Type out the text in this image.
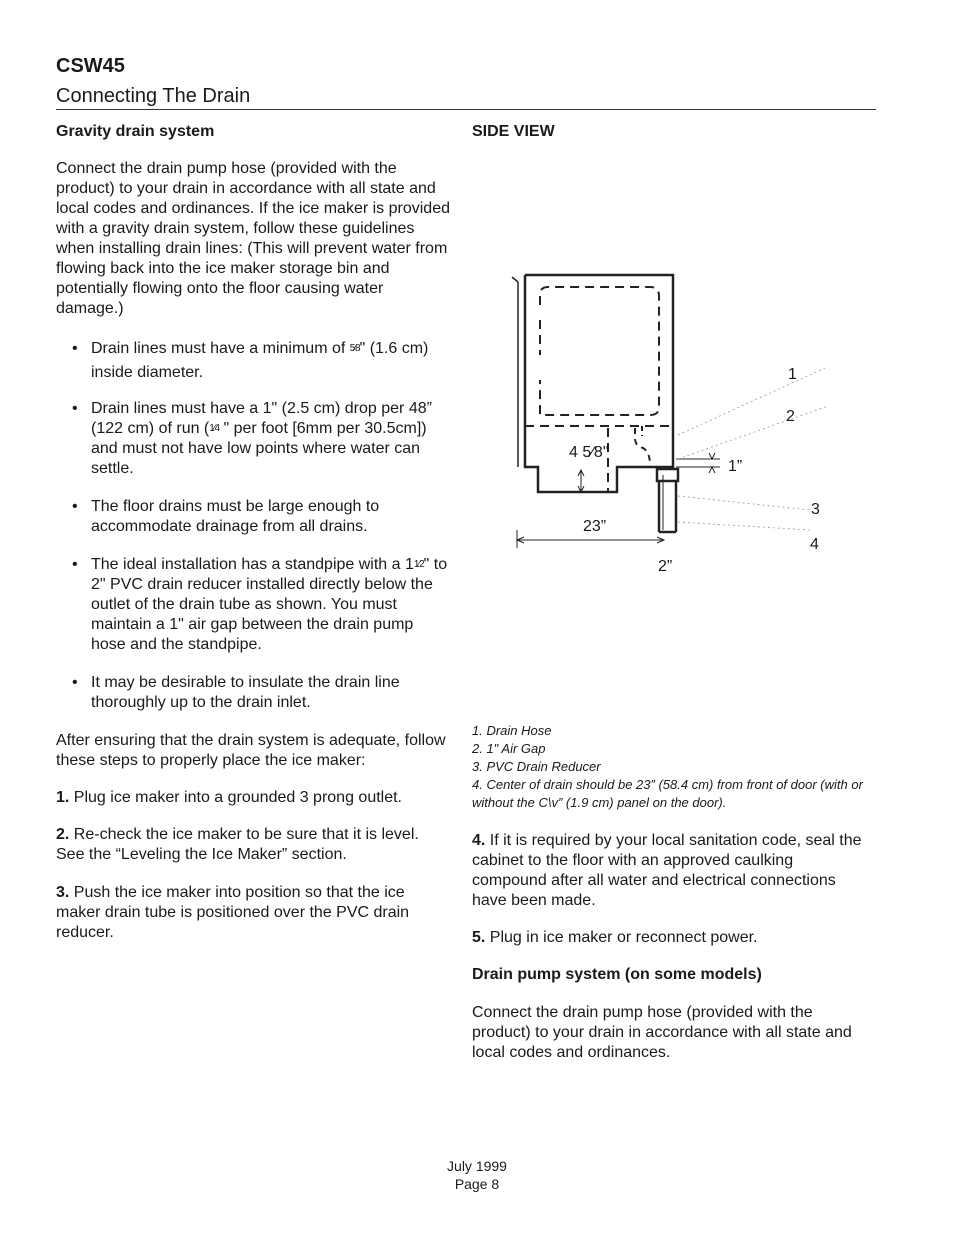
CSW45
Connecting The Drain

Gravity drain system

Connect the drain pump hose (provided with the product) to your drain in accordance with all state and local codes and ordinances. If the ice maker is provided with a gravity drain system, follow these guidelines when installing drain lines: (This will prevent water from flowing back into the ice maker storage bin and potentially flowing onto the floor causing water damage.)

• Drain lines must have a minimum of 5⁄8" (1.6 cm) inside diameter.
• Drain lines must have a 1" (2.5 cm) drop per 48” (122 cm) of run (1⁄4 " per foot [6mm per 30.5cm]) and must not have low points where water can settle.
• The floor drains must be large enough to accommodate drainage from all drains.
• The ideal installation has a standpipe with a 11⁄2" to 2" PVC drain reducer installed directly below the outlet of the drain tube as shown. You must maintain a 1" air gap between the drain pump hose and the standpipe.
• It may be desirable to insulate the drain line thoroughly up to the drain inlet.

After ensuring that the drain system is adequate, follow these steps to properly place the ice maker:

1. Plug ice maker into a grounded 3 prong outlet.

2. Re-check the ice maker to be sure that it is level. See the “Leveling the Ice Maker” section.

3. Push the ice maker into position so that the ice maker drain tube is positioned over the PVC drain reducer.

SIDE VIEW

1
2
3
4
4 5⁄8"
1”
23”
2”

1. Drain Hose

2. 1" Air Gap

3. PVC Drain Reducer

4. Center of drain should be 23” (58.4 cm) from front of door (with or without the C\v” (1.9 cm) panel on the door).

4. If it is required by your local sanitation code, seal the cabinet to the floor with an approved caulking compound after all water and electrical connections have been made.

5. Plug in ice maker or reconnect power.

Drain pump system (on some models)

Connect the drain pump hose (provided with the product) to your drain in accordance with all state and local codes and ordinances.

July 1999
Page 8
